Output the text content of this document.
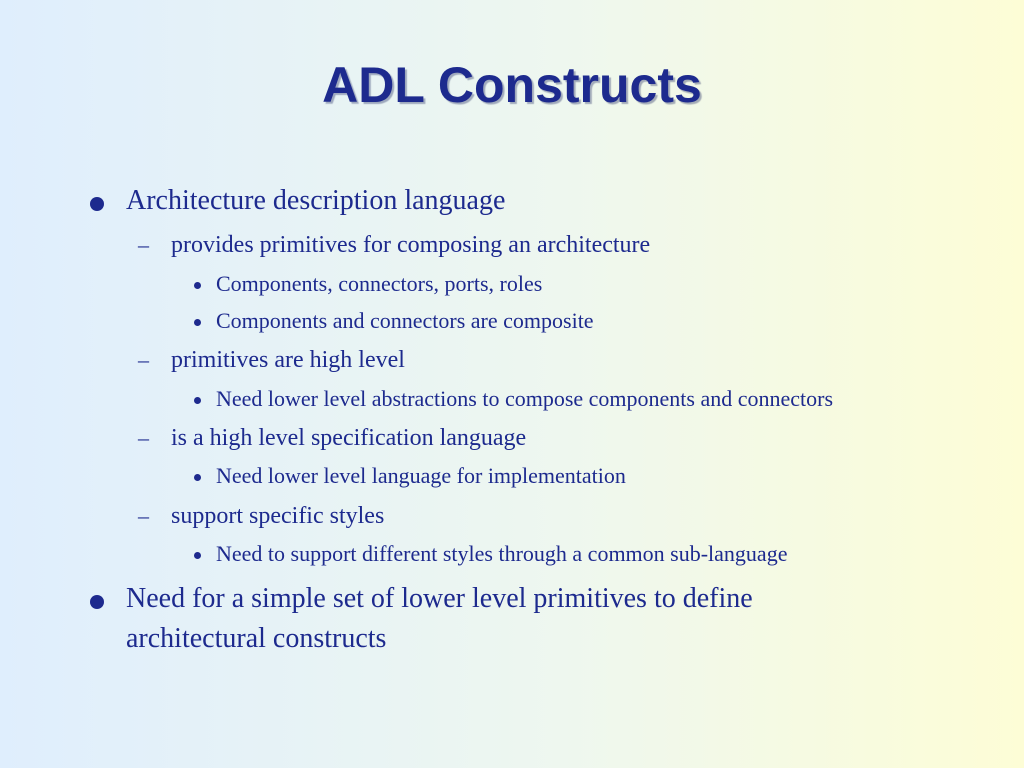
ADL Constructs
Architecture description language
– provides primitives for composing an architecture
Components, connectors, ports, roles
Components and connectors are composite
– primitives are high level
Need lower level abstractions to compose components and connectors
– is a high level specification language
Need lower level language for implementation
– support specific styles
Need to support different styles through a common sub-language
Need for a simple set of lower level primitives to define
architectural constructs
